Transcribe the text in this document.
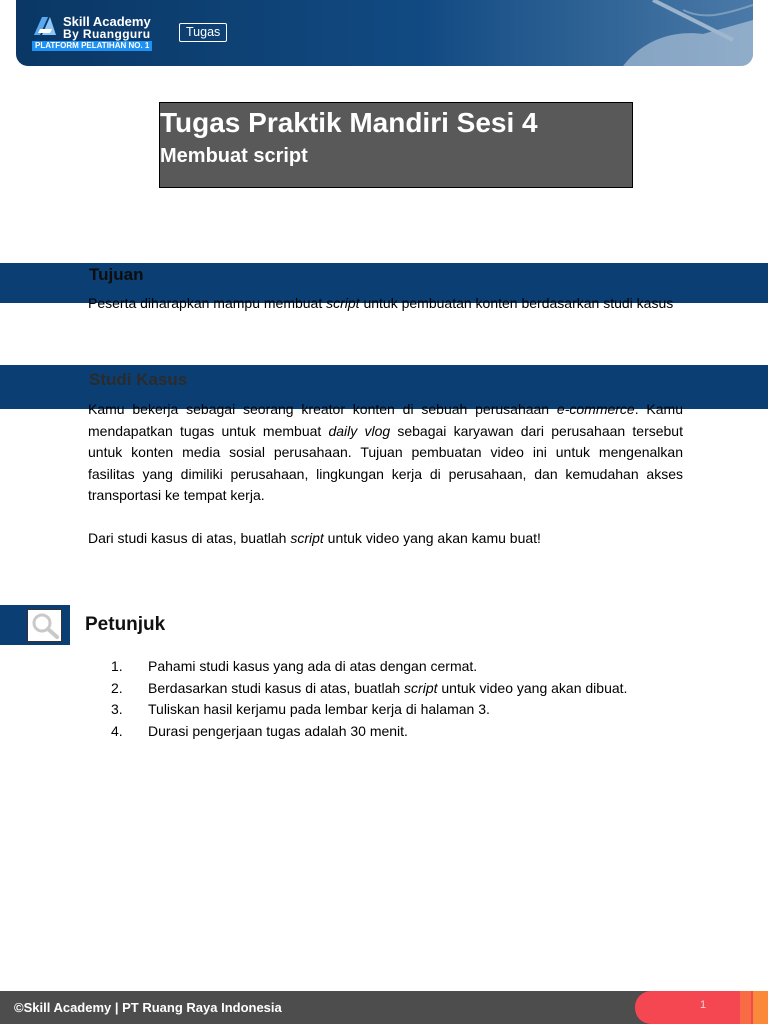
Skill Academy
By Ruangguru
PLATFORM PELATIHAN NO. 1
Tugas
Tugas Praktik Mandiri Sesi 4
Membuat script
Tujuan
Peserta diharapkan mampu membuat script untuk pembuatan konten berdasarkan studi kasus
Studi Kasus
Kamu bekerja sebagai seorang kreator konten di sebuah perusahaan e-commerce. Kamu mendapatkan tugas untuk membuat daily vlog sebagai karyawan dari perusahaan tersebut untuk konten media sosial perusahaan. Tujuan pembuatan video ini untuk mengenalkan fasilitas yang dimiliki perusahaan, lingkungan kerja di perusahaan, dan kemudahan akses transportasi ke tempat kerja.
Dari studi kasus di atas, buatlah script untuk video yang akan kamu buat!
Petunjuk
1. Pahami studi kasus yang ada di atas dengan cermat.
2. Berdasarkan studi kasus di atas, buatlah script untuk video yang akan dibuat.
3. Tuliskan hasil kerjamu pada lembar kerja di halaman 3.
4. Durasi pengerjaan tugas adalah 30 menit.
©Skill Academy | PT Ruang Raya Indonesia	1
